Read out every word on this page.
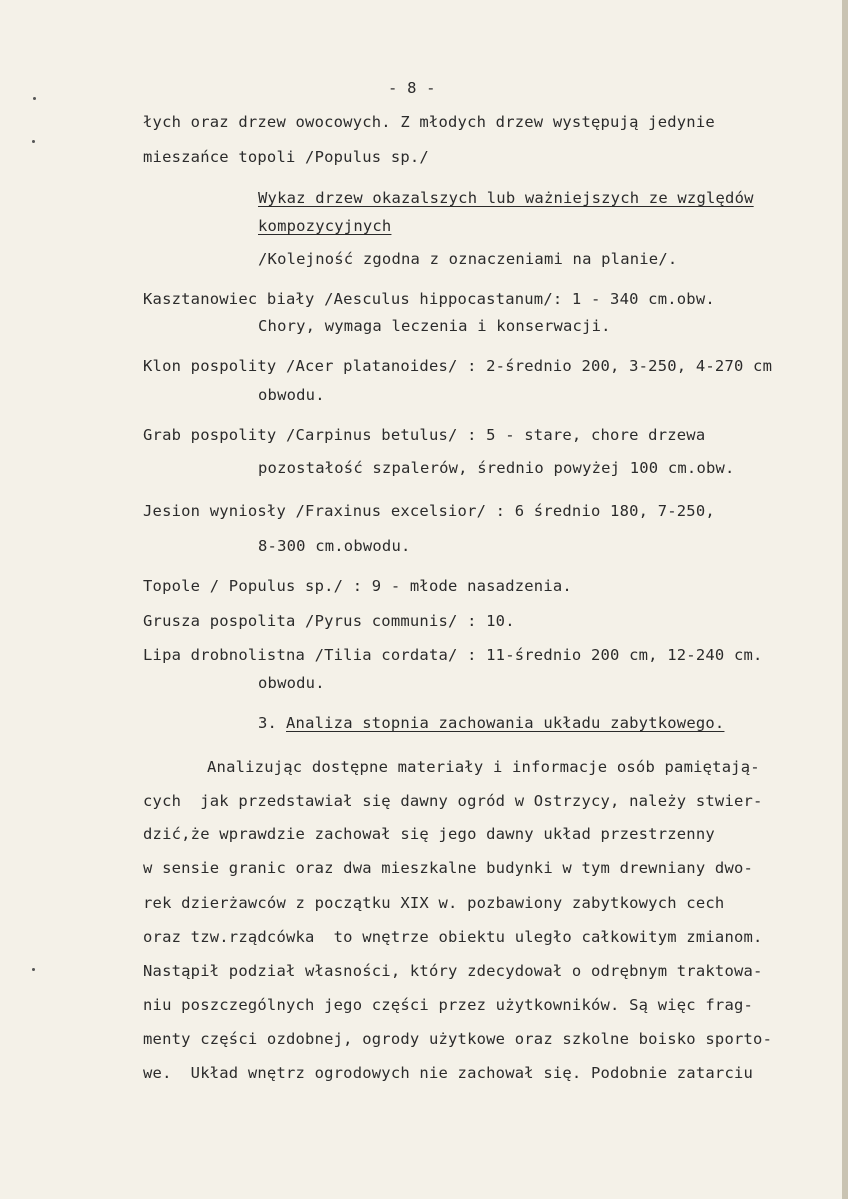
- 8 -
łych oraz drzew owocowych. Z młodych drzew występują jedynie
mieszańce topoli /Populus sp./
Wykaz drzew okazalszych lub ważniejszych ze względów
kompozycyjnych
/Kolejność zgodna z oznaczeniami na planie/.
Kasztanowiec biały /Aesculus hippocastanum/: 1 - 340 cm.obw.
Chory, wymaga leczenia i konserwacji.
Klon pospolity /Acer platanoides/ : 2-średnio 200, 3-250, 4-270 cm
obwodu.
Grab pospolity /Carpinus betulus/ : 5 - stare, chore drzewa
pozostałość szpalerów, średnio powyżej 100 cm.obw.
Jesion wyniosły /Fraxinus excelsior/ : 6 średnio 180, 7-250,
8-300 cm.obwodu.
Topole / Populus sp./ : 9 - młode nasadzenia.
Grusza pospolita /Pyrus communis/ : 10.
Lipa drobnolistna /Tilia cordata/ : 11-średnio 200 cm, 12-240 cm.
obwodu.
3. Analiza stopnia zachowania układu zabytkowego.
Analizując dostępne materiały i informacje osób pamiętają-
cych  jak przedstawiał się dawny ogród w Ostrzycy, należy stwier-
dzić,że wprawdzie zachował się jego dawny układ przestrzenny
w sensie granic oraz dwa mieszkalne budynki w tym drewniany dwo-
rek dzierżawców z początku XIX w. pozbawiony zabytkowych cech
oraz tzw.rządcówka  to wnętrze obiektu uległo całkowitym zmianom.
Nastąpił podział własności, który zdecydował o odrębnym traktowa-
niu poszczególnych jego części przez użytkowników. Są więc frag-
menty części ozdobnej, ogrody użytkowe oraz szkolne boisko sporto-
we.  Układ wnętrz ogrodowych nie zachował się. Podobnie zatarciu
